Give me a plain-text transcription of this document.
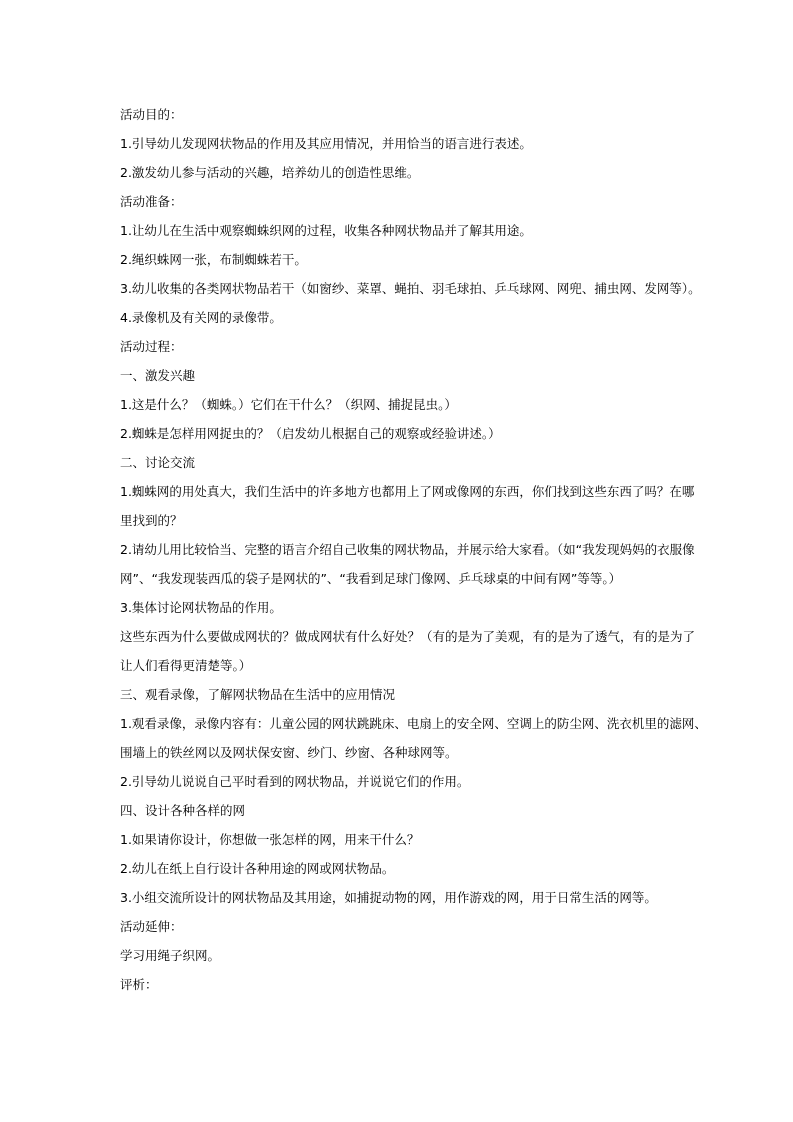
活动目的：
1.引导幼儿发现网状物品的作用及其应用情况，并用恰当的语言进行表述。
2.激发幼儿参与活动的兴趣，培养幼儿的创造性思维。
活动准备：
1.让幼儿在生活中观察蜘蛛织网的过程，收集各种网状物品并了解其用途。
2.绳织蛛网一张，布制蜘蛛若干。
3.幼儿收集的各类网状物品若干（如窗纱、菜罩、蝇拍、羽毛球拍、乒乓球网、网兜、捕虫网、发网等）。
4.录像机及有关网的录像带。
活动过程：
一、激发兴趣
1.这是什么？（蜘蛛。）它们在干什么？（织网、捕捉昆虫。）
2.蜘蛛是怎样用网捉虫的？（启发幼儿根据自己的观察或经验讲述。）
二、讨论交流
1.蜘蛛网的用处真大，我们生活中的许多地方也都用上了网或像网的东西，你们找到这些东西了吗？在哪
里找到的？
2.请幼儿用比较恰当、完整的语言介绍自己收集的网状物品，并展示给大家看。（如“我发现妈妈的衣服像
网”、“我发现装西瓜的袋子是网状的”、“我看到足球门像网、乒乓球桌的中间有网”等等。）
3.集体讨论网状物品的作用。
这些东西为什么要做成网状的？做成网状有什么好处？（有的是为了美观，有的是为了透气，有的是为了
让人们看得更清楚等。）
三、观看录像，了解网状物品在生活中的应用情况
1.观看录像，录像内容有：儿童公园的网状跳跳床、电扇上的安全网、空调上的防尘网、洗衣机里的滤网、
围墙上的铁丝网以及网状保安窗、纱门、纱窗、各种球网等。
2.引导幼儿说说自己平时看到的网状物品，并说说它们的作用。
四、设计各种各样的网
1.如果请你设计，你想做一张怎样的网，用来干什么？
2.幼儿在纸上自行设计各种用途的网或网状物品。
3.小组交流所设计的网状物品及其用途，如捕捉动物的网，用作游戏的网，用于日常生活的网等。
活动延伸：
学习用绳子织网。
评析：
